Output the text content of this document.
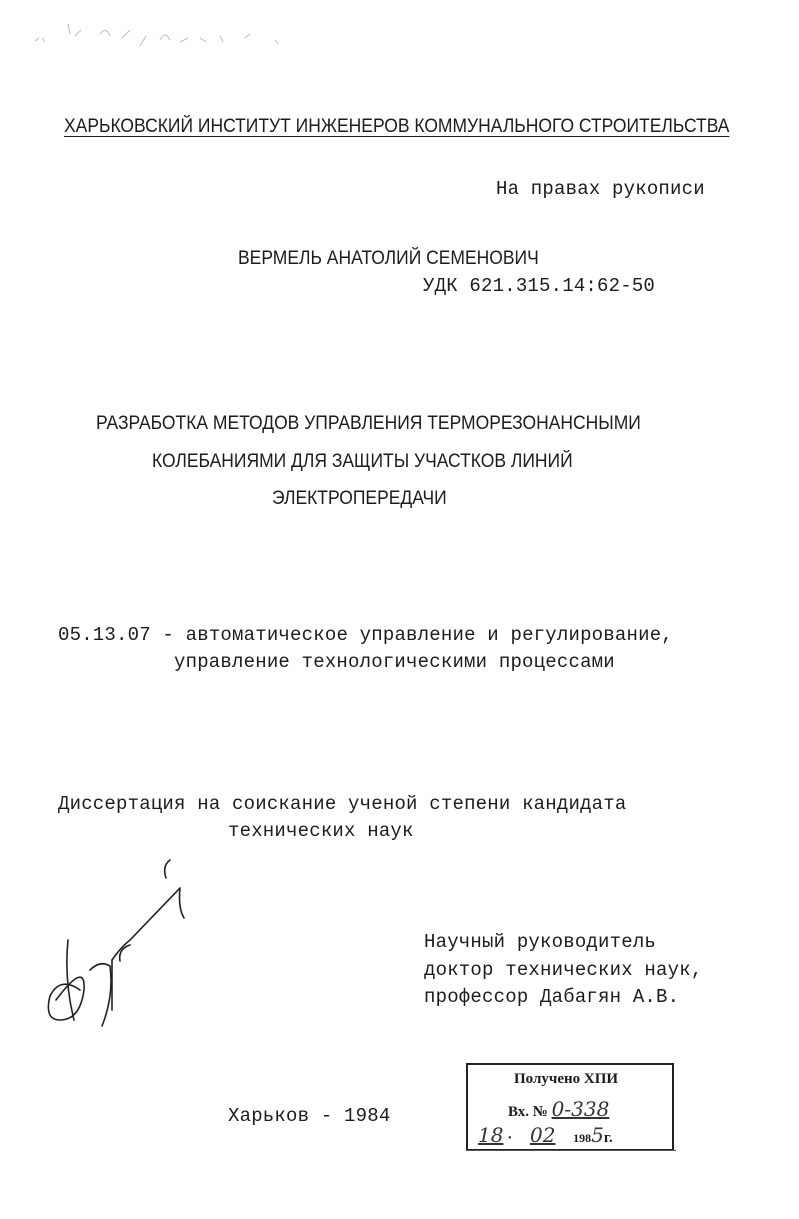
ХАРЬКОВСКИЙ ИНСТИТУТ ИНЖЕНЕРОВ КОММУНАЛЬНОГО СТРОИТЕЛЬСТВА
На правах рукописи
ВЕРМЕЛЬ АНАТОЛИЙ СЕМЕНОВИЧ
УДК 621.315.14:62-50
РАЗРАБОТКА МЕТОДОВ УПРАВЛЕНИЯ ТЕРМОРЕЗОНАНСНЫМИ
КОЛЕБАНИЯМИ ДЛЯ ЗАЩИТЫ УЧАСТКОВ ЛИНИЙ
ЭЛЕКТРОПЕРЕДАЧИ
05.13.07 - автоматическое управление и регулирование,
управление технологическими процессами
Диссертация на соискание ученой степени кандидата
технических наук
Научный руководитель
доктор технических наук,
профессор Дабагян А.В.
Харьков - 1984
Получено ХПИ
Вх. № 0-338
18 · 02 1985г.
